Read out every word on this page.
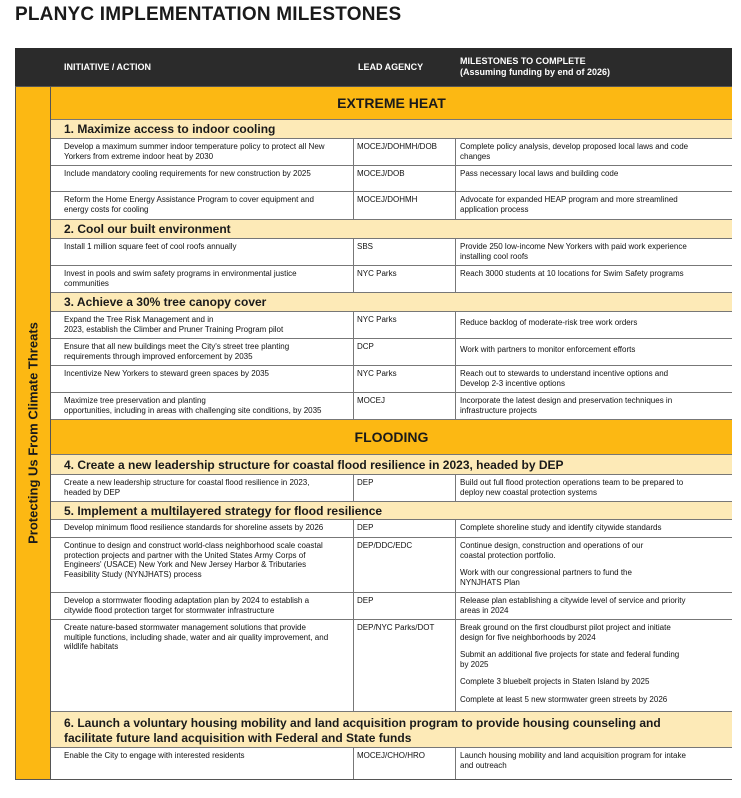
PLANYC IMPLEMENTATION MILESTONES
INITIATIVE / ACTION	LEAD AGENCY
MILESTONES TO COMPLETE
(Assuming funding by end of 2026)
Protecting Us From Climate Threats
EXTREME HEAT
1. Maximize access to indoor cooling
Develop a maximum summer indoor temperature policy to protect all New
Yorkers from extreme indoor heat by 2030
MOCEJ/DOHMH/DOB	Complete policy analysis, develop proposed local laws and code
changes
Include mandatory cooling requirements for new construction by 2025	MOCEJ/DOB	Pass necessary local laws and building code
Reform the Home Energy Assistance Program to cover equipment and
energy costs for cooling
MOCEJ/DOHMH	Advocate for expanded HEAP program and more streamlined
application process
2. Cool our built environment
Install 1 million square feet of cool roofs annually	SBS	Provide 250 low-income New Yorkers with paid work experience
installing cool roofs
Invest in pools and swim safety programs in environmental justice
communities
NYC Parks	Reach 3000 students at 10 locations for Swim Safety programs
3. Achieve a 30% tree canopy cover
Expand the Tree Risk Management and in
2023, establish the Climber and Pruner Training Program pilot
NYC Parks	Reduce backlog of moderate-risk tree work orders
Ensure that all new buildings meet the City's street tree planting
requirements through improved enforcement by 2035
DCP	Work with partners to monitor enforcement efforts
Incentivize New Yorkers to steward green spaces by 2035	NYC Parks	Reach out to stewards to understand incentive options and
Develop 2-3 incentive options
Maximize tree preservation and planting
opportunities, including in areas with challenging site conditions, by 2035
MOCEJ	Incorporate the latest design and preservation techniques in
infrastructure projects
FLOODING
4. Create a new leadership structure for coastal flood resilience in 2023, headed by DEP
Create a new leadership structure for coastal flood resilience in 2023,
headed by DEP
DEP	Build out full flood protection operations team to be prepared to
deploy new coastal protection systems
5. Implement a multilayered strategy for flood resilience
Develop minimum flood resilience standards for shoreline assets by 2026	DEP	Complete shoreline study and identify citywide standards
Continue to design and construct world-class neighborhood scale coastal
protection projects and partner with the United States Army Corps of
Engineers' (USACE) New York and New Jersey Harbor & Tributaries
Feasibility Study (NYNJHATS) process
DEP/DDC/EDC	Continue design, construction and operations of our
coastal protection portfolio.
Work with our congressional partners to fund the
NYNJHATS Plan
Develop a stormwater flooding adaptation plan by 2024 to establish a
citywide flood protection target for stormwater infrastructure
DEP	Release plan establishing a citywide level of service and priority
areas in 2024
Create nature-based stormwater management solutions that provide
multiple functions, including shade, water and air quality improvement, and
wildlife habitats
DEP/NYC Parks/DOT	Break ground on the first cloudburst pilot project and initiate
design for five neighborhoods by 2024
Submit an additional five projects for state and federal funding
by 2025
Complete 3 bluebelt projects in Staten Island by 2025
Complete at least 5 new stormwater green streets by 2026
6. Launch a voluntary housing mobility and land acquisition program to provide housing counseling and
facilitate future land acquisition with Federal and State funds
Enable the City to engage with interested residents	MOCEJ/CHO/HRO	Launch housing mobility and land acquisition program for intake
and outreach
